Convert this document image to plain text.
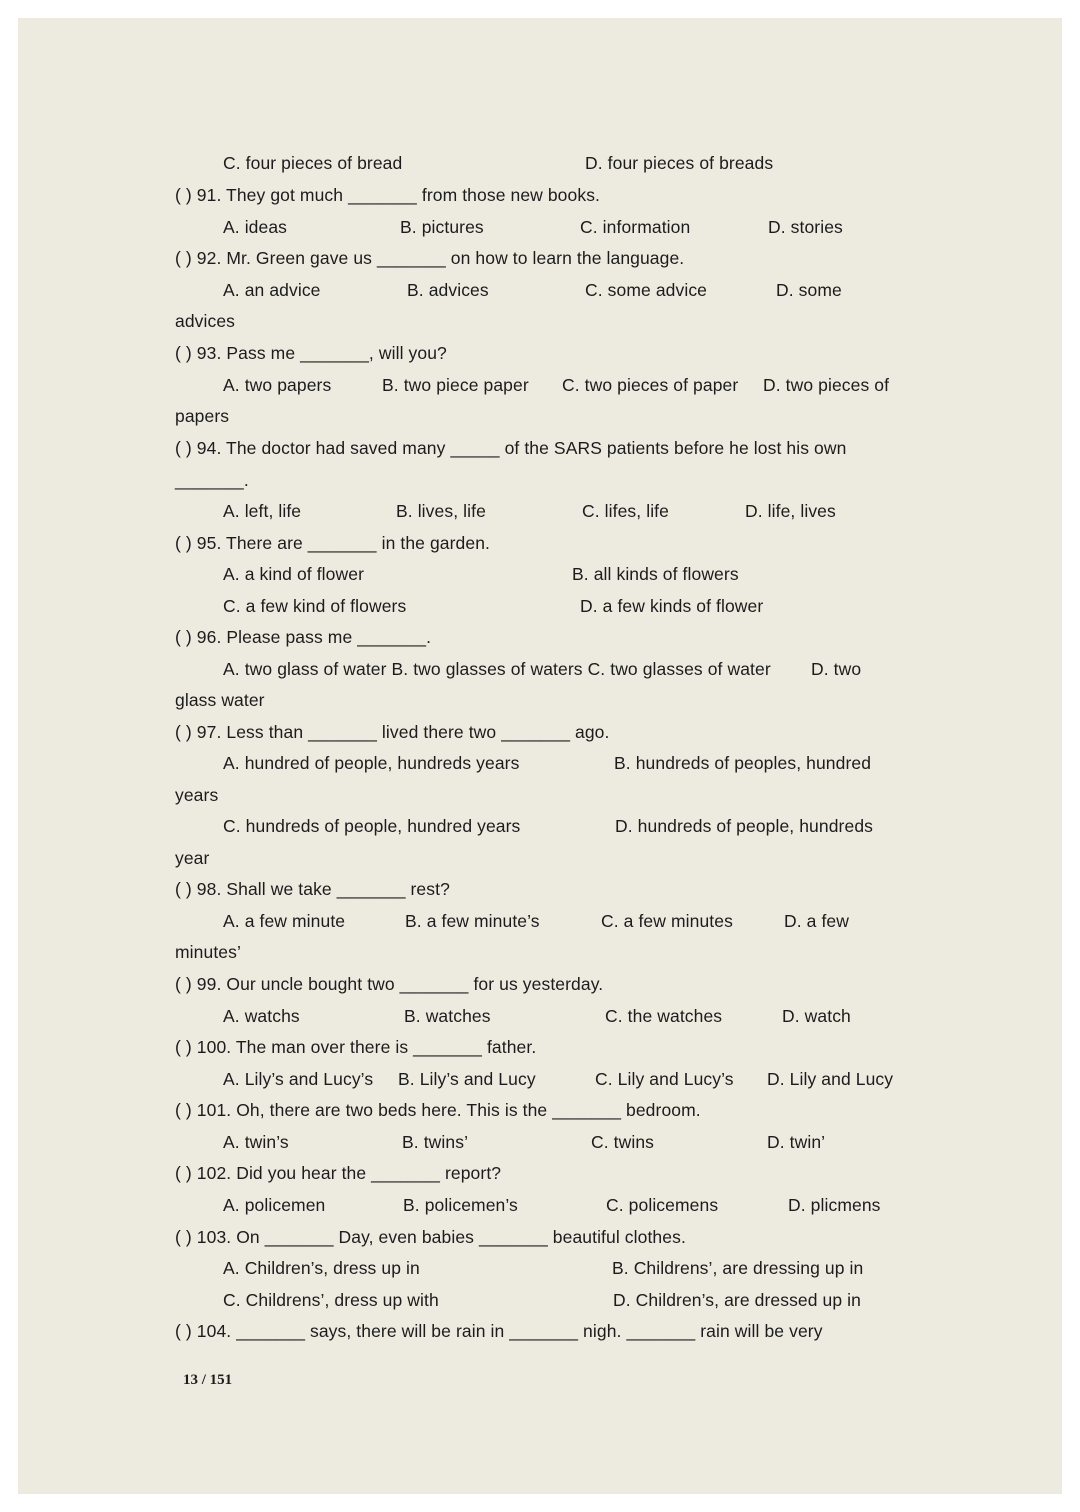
C. four pieces of bread	D. four pieces of breads
( ) 91. They got much _______ from those new books.
A. ideas	B. pictures	C. information	D. stories
( ) 92. Mr. Green gave us _______ on how to learn the language.
A. an advice	B. advices	C. some advice	D. some
advices
( ) 93. Pass me _______, will you?
A. two papers	B. two piece paper C. two pieces of paper D. two pieces of
papers
( ) 94. The doctor had saved many _____ of the SARS patients before he lost his own
_______.
A. left, life	B. lives, life	C. lifes, life	D. life, lives
( ) 95. There are _______ in the garden.
A. a kind of flower	B. all kinds of flowers
C. a few kind of flowers	D. a few kinds of flower
( ) 96. Please pass me _______.
A. two glass of water B. two glasses of waters C. two glasses of water D. two
glass water
( ) 97. Less than _______ lived there two _______ ago.
A. hundred of people, hundreds years	B. hundreds of peoples, hundred
years
C. hundreds of people, hundred years	D. hundreds of people, hundreds
year
( ) 98. Shall we take _______ rest?
A. a few minute	B. a few minute’s	C. a few minutes	D. a few
minutes’
( ) 99. Our uncle bought two _______ for us yesterday.
A. watchs	B. watches	C. the watches	D. watch
( ) 100. The man over there is _______ father.
A. Lily’s and Lucy’s B. Lily’s and Lucy	C. Lily and Lucy’s D. Lily and Lucy
( ) 101. Oh, there are two beds here. This is the _______ bedroom.
A. twin’s	B. twins’	C. twins	D. twin’
( ) 102. Did you hear the _______ report?
A. policemen	B. policemen’s	C. policemens	D. plicmens
( ) 103. On _______ Day, even babies _______ beautiful clothes.
A. Children’s, dress up in	B. Childrens’, are dressing up in
C. Childrens’, dress up with	D. Children’s, are dressed up in
( ) 104. _______ says, there will be rain in _______ nigh. _______ rain will be very
13 / 151
